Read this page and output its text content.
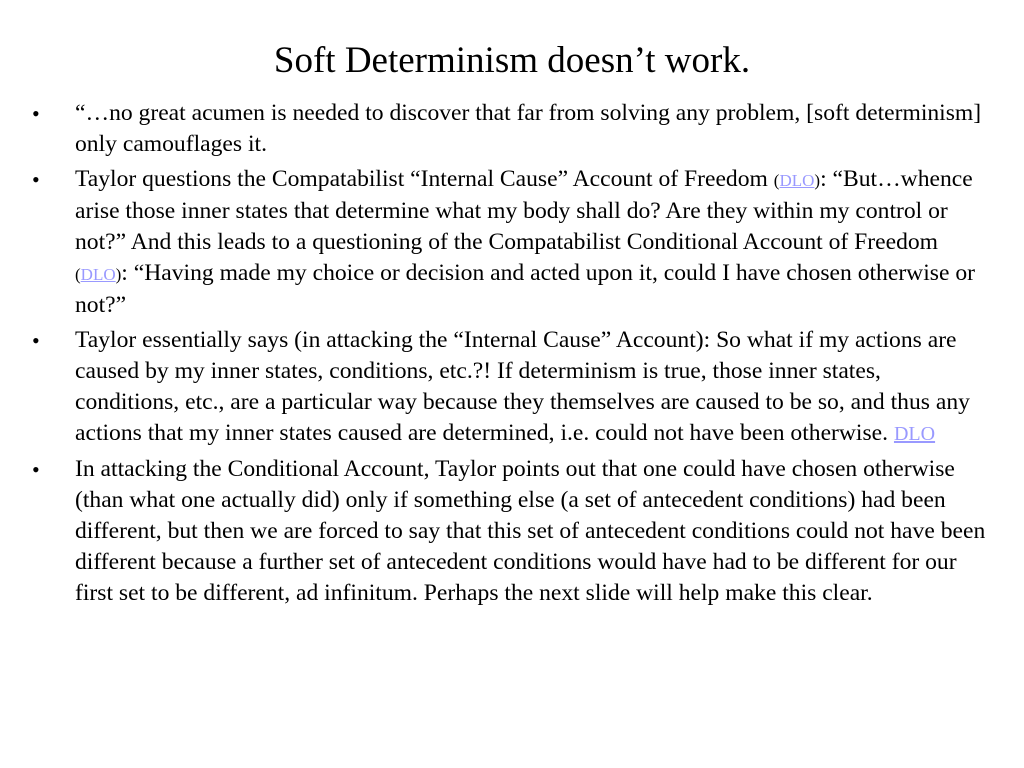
Soft Determinism doesn’t work.
• “…no great acumen is needed to discover that far from solving any problem, [soft determinism] only camouflages it.
• Taylor questions the Compatabilist “Internal Cause” Account of Freedom (DLO): “But…whence arise those inner states that determine what my body shall do? Are they within my control or not?” And this leads to a questioning of the Compatabilist Conditional Account of Freedom (DLO): “Having made my choice or decision and acted upon it, could I have chosen otherwise or not?”
• Taylor essentially says (in attacking the “Internal Cause” Account): So what if my actions are caused by my inner states, conditions, etc.?! If determinism is true, those inner states, conditions, etc., are a particular way because they themselves are caused to be so, and thus any actions that my inner states caused are determined, i.e. could not have been otherwise. DLO
• In attacking the Conditional Account, Taylor points out that one could have chosen otherwise (than what one actually did) only if something else (a set of antecedent conditions) had been different, but then we are forced to say that this set of antecedent conditions could not have been different because a further set of antecedent conditions would have had to be different for our first set to be different, ad infinitum. Perhaps the next slide will help make this clear.
